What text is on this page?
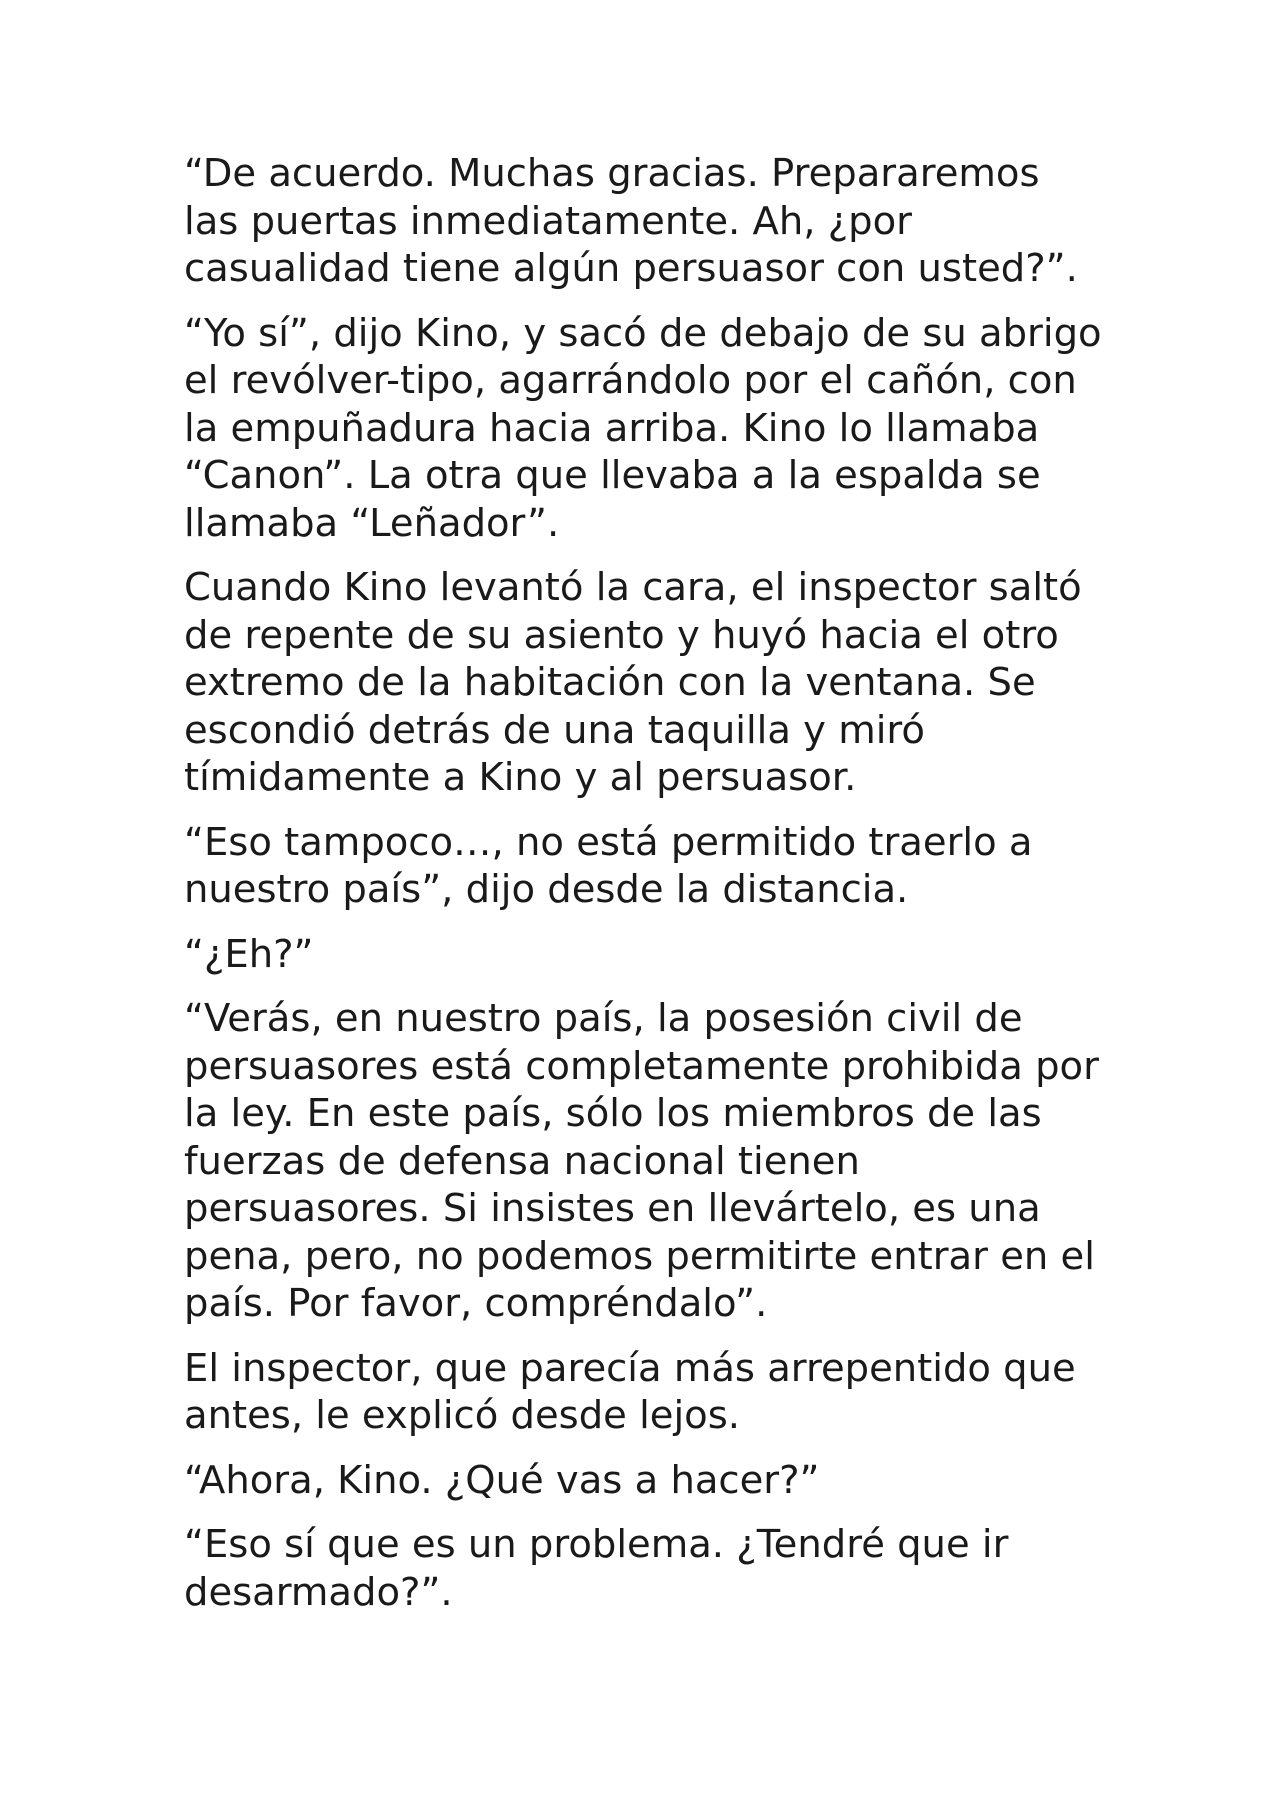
“De acuerdo. Muchas gracias. Prepararemos las puertas inmediatamente. Ah, ¿por casualidad tiene algún persuasor con usted?”.

“Yo sí”, dijo Kino, y sacó de debajo de su abrigo el revólver-tipo, agarrándolo por el cañón, con la empuñadura hacia arriba. Kino lo llamaba “Canon”. La otra que llevaba a la espalda se llamaba “Leñador”.

Cuando Kino levantó la cara, el inspector saltó de repente de su asiento y huyó hacia el otro extremo de la habitación con la ventana. Se escondió detrás de una taquilla y miró tímidamente a Kino y al persuasor.

“Eso tampoco…, no está permitido traerlo a nuestro país”, dijo desde la distancia.

“¿Eh?”

“Verás, en nuestro país, la posesión civil de persuasores está completamente prohibida por la ley. En este país, sólo los miembros de las fuerzas de defensa nacional tienen persuasores. Si insistes en llevártelo, es una pena, pero, no podemos permitirte entrar en el país. Por favor, compréndalo”.

El inspector, que parecía más arrepentido que antes, le explicó desde lejos.

“Ahora, Kino. ¿Qué vas a hacer?”

“Eso sí que es un problema. ¿Tendré que ir desarmado?”.
